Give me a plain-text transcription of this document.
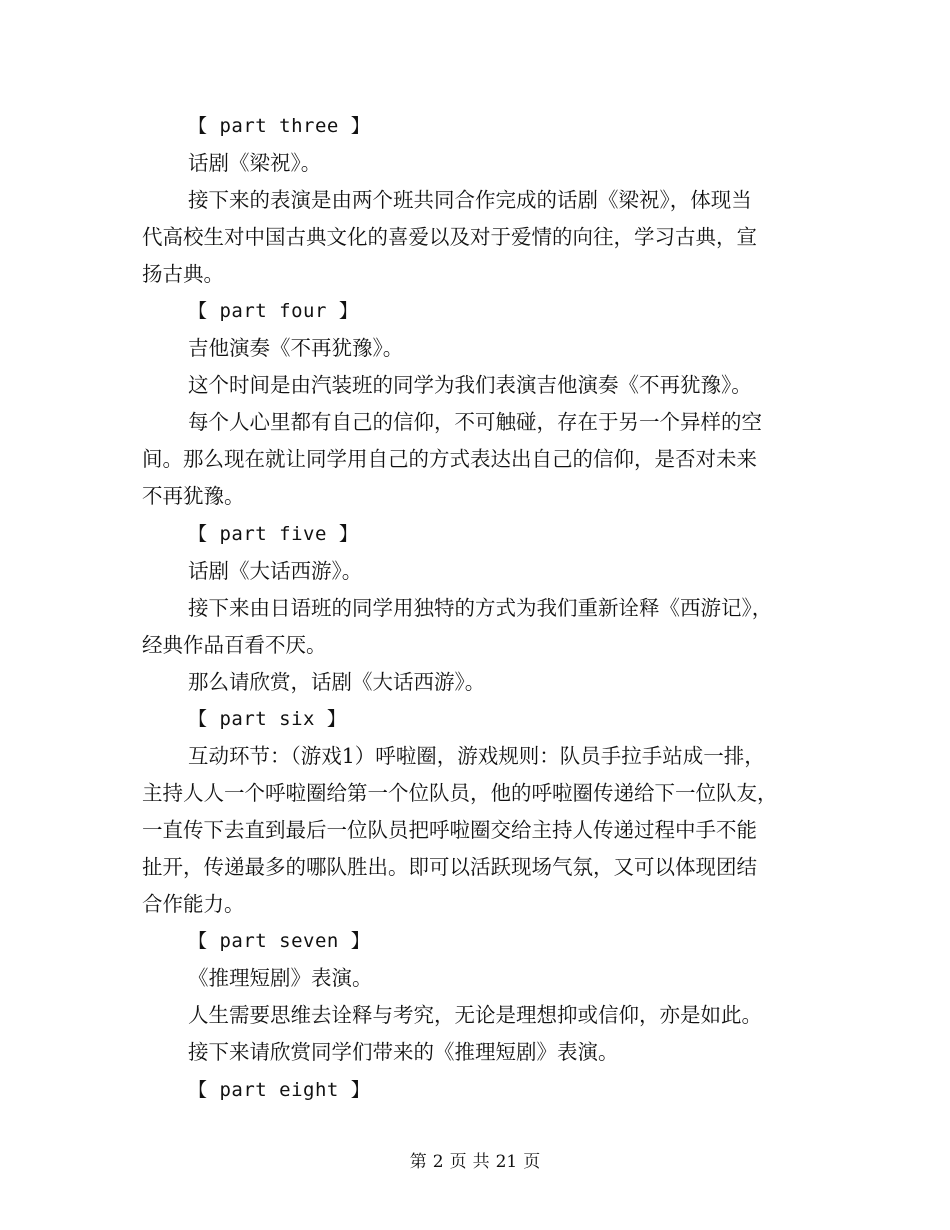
【 part three 】
话剧《梁祝》。
接下来的表演是由两个班共同合作完成的话剧《梁祝》，体现当
代高校生对中国古典文化的喜爱以及对于爱情的向往，学习古典，宣
扬古典。
【 part four 】
吉他演奏《不再犹豫》。
这个时间是由汽装班的同学为我们表演吉他演奏《不再犹豫》。
每个人心里都有自己的信仰，不可触碰，存在于另一个异样的空
间。那么现在就让同学用自己的方式表达出自己的信仰，是否对未来
不再犹豫。
【 part five 】
话剧《大话西游》。
接下来由日语班的同学用独特的方式为我们重新诠释《西游记》，
经典作品百看不厌。
那么请欣赏，话剧《大话西游》。
【 part six 】
互动环节：（游戏1）呼啦圈，游戏规则：队员手拉手站成一排，
主持人人一个呼啦圈给第一个位队员，他的呼啦圈传递给下一位队友，
一直传下去直到最后一位队员把呼啦圈交给主持人传递过程中手不能
扯开，传递最多的哪队胜出。即可以活跃现场气氛，又可以体现团结
合作能力。
【 part seven 】
《推理短剧》表演。
人生需要思维去诠释与考究，无论是理想抑或信仰，亦是如此。
接下来请欣赏同学们带来的《推理短剧》表演。
【 part eight 】
第 2 页 共 21 页
